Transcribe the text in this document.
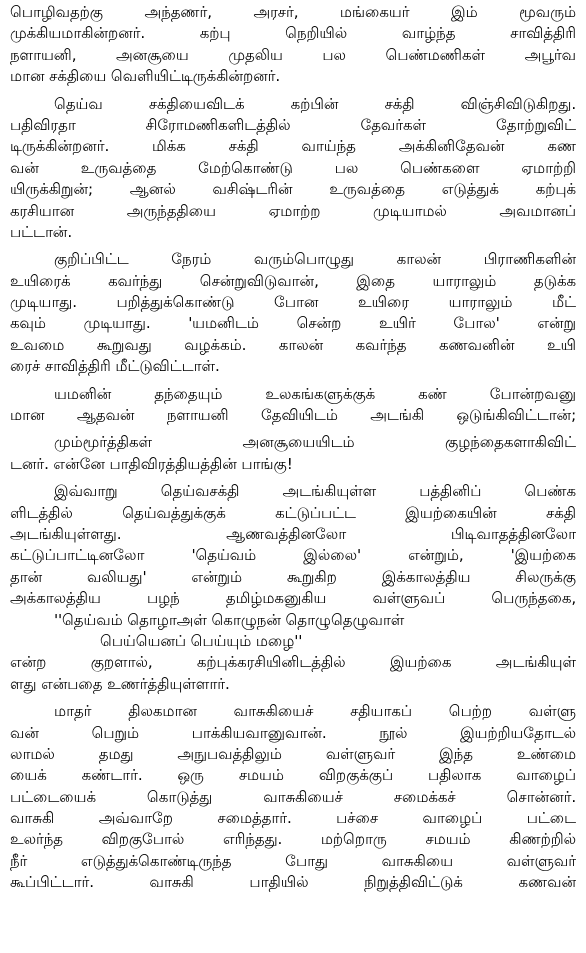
பொழிவதற்கு அந்தணர், அரசர், மங்கையர் இம் மூவரும்
முக்கியமாகின்றனர். கற்பு நெறியில் வாழ்ந்த சாவித்திரி
நளாயனி, அனசூயை முதலிய பல பெண்மணிகள் அபூர்வ
மான சக்தியை வெளியிட்டிருக்கின்றனர்.
தெய்வ சக்தியைவிடக் கற்பின் சக்தி விஞ்சிவிடுகிறது.
பதிவிரதா சிரோமணிகளிடத்தில் தேவர்கள் தோற்றுவிட்
டிருக்கின்றனர். மிக்க சக்தி வாய்ந்த அக்கினிதேவன் கண
வன் உருவத்தை மேற்கொண்டு பல பெண்களை ஏமாற்றி
யிருக்கிறுன்; ஆனல் வசிஷ்டரின் உருவத்தை எடுத்துக் கற்புக்
கரசியான அருந்ததியை ஏமாற்ற முடியாமல் அவமானப்
பட்டான்.
குறிப்பிட்ட நேரம் வரும்பொழுது காலன் பிராணிகளின்
உயிரைக் கவர்ந்து சென்றுவிடுவான், இதை யாராலும் தடுக்க
முடியாது. பறித்துக்கொண்டு போன உயிரை யாராலும் மீட்
கவும் முடியாது. 'யமனிடம் சென்ற உயிர் போல' என்று
உவமை கூறுவது வழக்கம். காலன் கவர்ந்த கணவனின் உயி
ரைச் சாவித்திரி மீட்டுவிட்டாள்.
யமனின் தந்தையும் உலகங்களுக்குக் கண் போன்றவனு
மான ஆதவன் நளாயனி தேவியிடம் அடங்கி ஒடுங்கிவிட்டான்;
மும்மூர்த்திகள் அனசூயையிடம் குழந்தைகளாகிவிட்
டனர். என்னே பாதிவிரத்தியத்தின் பாங்கு!
இவ்வாறு தெய்வசக்தி அடங்கியுள்ள பத்தினிப் பெண்க
ளிடத்தில் தெய்வத்துக்குக் கட்டுப்பட்ட இயற்கையின் சக்தி
அடங்கியுள்ளது. ஆணவத்தினலோ பிடிவாதத்தினலோ
கட்டுப்பாட்டினலோ 'தெய்வம் இல்லை' என்றும், 'இயற்கை
தான் வலியது' என்றும் கூறுகிற இக்காலத்திய சிலருக்கு
அக்காலத்திய பழந் தமிழ்மகனுகிய வள்ளுவப் பெருந்தகை,
''தெய்வம் தொழாஅள் கொழுநன் தொழுதெழுவாள்
பெய்யெனப் பெய்யும் மழை''
என்ற குறளால், கற்புக்கரசியினிடத்தில் இயற்கை அடங்கியுள்
ளது என்பதை உணர்த்தியுள்ளார்.
மாதர் திலகமான வாசுகியைச் சதியாகப் பெற்ற வள்ளு
வன் பெறும் பாக்கியவானுவான். நூல் இயற்றியதோடல்
லாமல் தமது அநுபவத்திலும் வள்ளுவர் இந்த உண்மை
யைக் கண்டார். ஒரு சமயம் விறகுக்குப் பதிலாக வாழைப்
பட்டையைக் கொடுத்து வாசுகியைச் சமைக்கச் சொன்னர்.
வாசுகி அவ்வாறே சமைத்தார். பச்சை வாழைப் பட்டை
உலர்ந்த விறகுபோல் எரிந்தது. மற்றொரு சமயம் கிணற்றில்
நீர் எடுத்துக்கொண்டிருந்த போது வாசுகியை வள்ளுவர்
கூப்பிட்டார். வாசுகி பாதியில் நிறுத்திவிட்டுக் கணவன்
